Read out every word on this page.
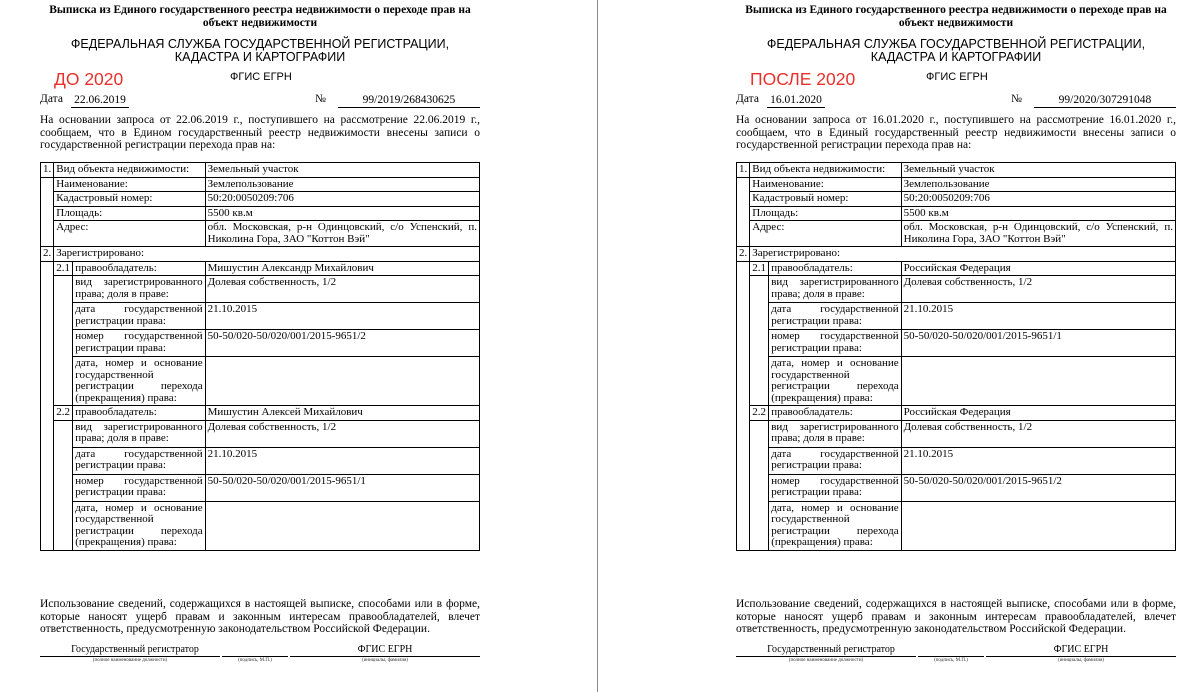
Выписка из Единого государственного реестра недвижимости о переходе прав на объект недвижимости
ФЕДЕРАЛЬНАЯ СЛУЖБА ГОСУДАРСТВЕННОЙ РЕГИСТРАЦИИ, КАДАСТРА И КАРТОГРАФИИ
ДО 2020	ФГИС ЕГРН
Дата 22.06.2019	№	99/2019/268430625
На основании запроса от 22.06.2019 г., поступившего на рассмотрение 22.06.2019 г., сообщаем, что в Едином государственный реестр недвижимости внесены записи о государственной регистрации перехода прав на:
1.	Вид объекта недвижимости:		Земельный участок
	Наименование:		Землепользование
	Кадастровый номер:		50:20:0050209:706
	Площадь:		5500 кв.м
	Адрес:		обл. Московская, р-н Одинцовский, с/о Успенский, п. Николина Гора, ЗАО "Коттон Вэй"
2.	Зарегистрировано:		
	2.1	правообладатель:	Мишустин Александр Михайлович
		вид зарегистрированного права; доля в праве:	Долевая собственность, 1/2
		дата государственной регистрации права:	21.10.2015
		номер государственной регистрации права:	50-50/020-50/020/001/2015-9651/2
		дата, номер и основание государственной регистрации перехода (прекращения) права:	
	2.2	правообладатель:	Мишустин Алексей Михайлович
		вид зарегистрированного права; доля в праве:	Долевая собственность, 1/2
		дата государственной регистрации права:	21.10.2015
		номер государственной регистрации права:	50-50/020-50/020/001/2015-9651/1
		дата, номер и основание государственной регистрации перехода (прекращения) права:	
Использование сведений, содержащихся в настоящей выписке, способами или в форме, которые наносят ущерб правам и законным интересам правообладателей, влечет ответственность, предусмотренную законодательством Российской Федерации.
Государственный регистратор
(полное наименование должности)	(подпись, М.П.)
ФГИС ЕГРН
(инициалы, фамилия)
Выписка из Единого государственного реестра недвижимости о переходе прав на объект недвижимости
ФЕДЕРАЛЬНАЯ СЛУЖБА ГОСУДАРСТВЕННОЙ РЕГИСТРАЦИИ, КАДАСТРА И КАРТОГРАФИИ
ПОСЛЕ 2020	ФГИС ЕГРН
Дата 16.01.2020	№	99/2020/307291048
На основании запроса от 16.01.2020 г., поступившего на рассмотрение 16.01.2020 г., сообщаем, что в Единый государственный реестр недвижимости внесены записи о государственной регистрации перехода прав на:
1.	Вид объекта недвижимости:		Земельный участок
	Наименование:		Землепользование
	Кадастровый номер:		50:20:0050209:706
	Площадь:		5500 кв.м
	Адрес:		обл. Московская, р-н Одинцовский, с/о Успенский, п. Николина Гора, ЗАО "Коттон Вэй"
2.	Зарегистрировано:		
	2.1	правообладатель:	Российская Федерация
		вид зарегистрированного права; доля в праве:	Долевая собственность, 1/2
		дата государственной регистрации права:	21.10.2015
		номер государственной регистрации права:	50-50/020-50/020/001/2015-9651/1
		дата, номер и основание государственной регистрации перехода (прекращения) права:	
	2.2	правообладатель:	Российская Федерация
		вид зарегистрированного права; доля в праве:	Долевая собственность, 1/2
		дата государственной регистрации права:	21.10.2015
		номер государственной регистрации права:	50-50/020-50/020/001/2015-9651/2
		дата, номер и основание государственной регистрации перехода (прекращения) права:	
Использование сведений, содержащихся в настоящей выписке, способами или в форме, которые наносят ущерб правам и законным интересам правообладателей, влечет ответственность, предусмотренную законодательством Российской Федерации.
Государственный регистратор
(полное наименование должности)	(подпись, М.П.)
ФГИС ЕГРН
(инициалы, фамилия)
